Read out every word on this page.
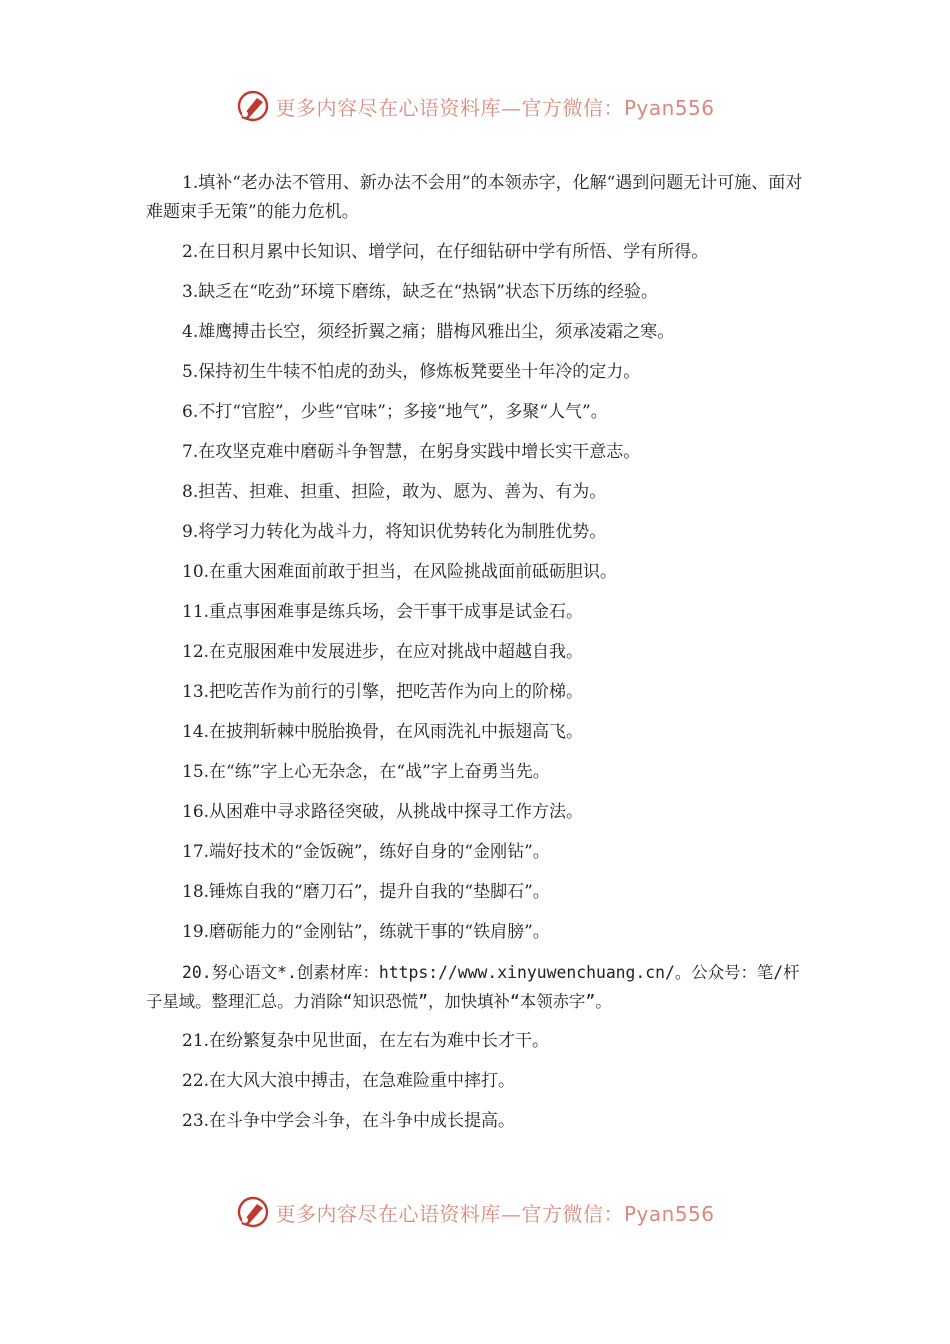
更多内容尽在心语资料库—官方微信：Pyan556

1.填补“老办法不管用、新办法不会用”的本领赤字，化解“遇到问题无计可施、面对难题束手无策”的能力危机。

2.在日积月累中长知识、增学问，在仔细钻研中学有所悟、学有所得。

3.缺乏在“吃劲”环境下磨练，缺乏在“热锅”状态下历练的经验。

4.雄鹰搏击长空，须经折翼之痛；腊梅风雅出尘，须承凌霜之寒。

5.保持初生牛犊不怕虎的劲头，修炼板凳要坐十年冷的定力。

6.不打“官腔”，少些“官味”；多接“地气”，多聚“人气”。

7.在攻坚克难中磨砺斗争智慧，在躬身实践中增长实干意志。

8.担苦、担难、担重、担险，敢为、愿为、善为、有为。

9.将学习力转化为战斗力，将知识优势转化为制胜优势。

10.在重大困难面前敢于担当，在风险挑战面前砥砺胆识。

11.重点事困难事是练兵场，会干事干成事是试金石。

12.在克服困难中发展进步，在应对挑战中超越自我。

13.把吃苦作为前行的引擎，把吃苦作为向上的阶梯。

14.在披荆斩棘中脱胎换骨，在风雨洗礼中振翅高飞。

15.在“练”字上心无杂念，在“战”字上奋勇当先。

16.从困难中寻求路径突破，从挑战中探寻工作方法。

17.端好技术的“金饭碗”，练好自身的“金刚钻”。

18.锤炼自我的“磨刀石”，提升自我的“垫脚石”。

19.磨砺能力的“金刚钻”，练就干事的“铁肩膀”。

20.努心语文*.创素材库：https://www.xinyuwenchuang.cn/。公众号：笔/杆子星域。整理汇总。力消除“知识恐慌”，加快填补“本领赤字”。

21.在纷繁复杂中见世面，在左右为难中长才干。

22.在大风大浪中搏击，在急难险重中摔打。

23.在斗争中学会斗争，在斗争中成长提高。

更多内容尽在心语资料库—官方微信：Pyan556
